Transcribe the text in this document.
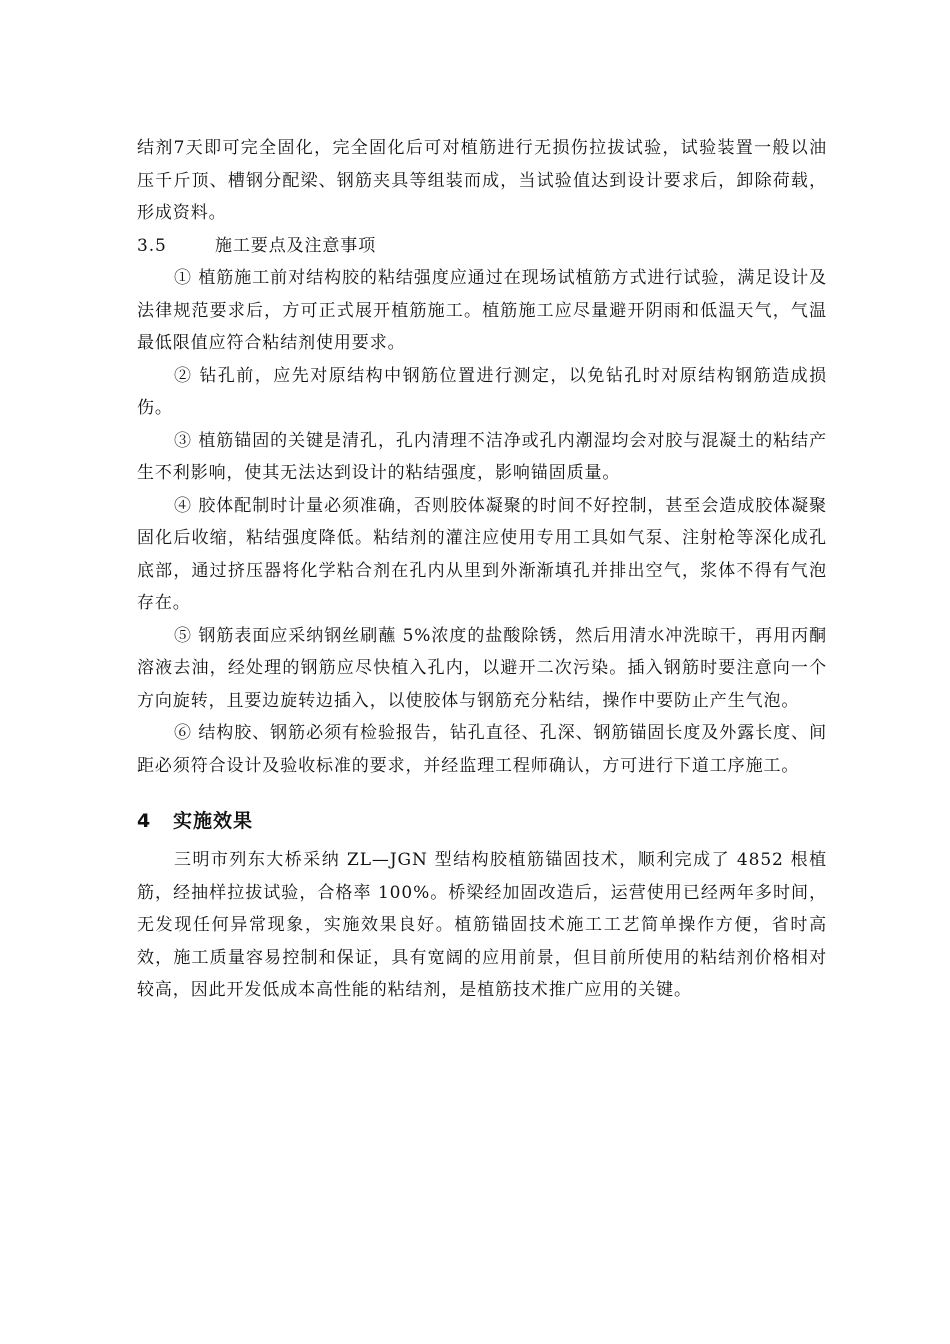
结剂7天即可完全固化，完全固化后可对植筋进行无损伤拉拔试验，试验装置一般以油压千斤顶、槽钢分配梁、钢筋夹具等组装而成，当试验值达到设计要求后，卸除荷载，形成资料。

3.5	施工要点及注意事项

① 植筋施工前对结构胶的粘结强度应通过在现场试植筋方式进行试验，满足设计及法律规范要求后，方可正式展开植筋施工。植筋施工应尽量避开阴雨和低温天气，气温最低限值应符合粘结剂使用要求。

② 钻孔前，应先对原结构中钢筋位置进行测定，以免钻孔时对原结构钢筋造成损伤。

③ 植筋锚固的关键是清孔，孔内清理不洁净或孔内潮湿均会对胶与混凝土的粘结产生不利影响，使其无法达到设计的粘结强度，影响锚固质量。

④ 胶体配制时计量必须准确，否则胶体凝聚的时间不好控制，甚至会造成胶体凝聚固化后收缩，粘结强度降低。粘结剂的灌注应使用专用工具如气泵、注射枪等深化成孔底部，通过挤压器将化学粘合剂在孔内从里到外渐渐填孔并排出空气，浆体不得有气泡存在。

⑤ 钢筋表面应采纳钢丝刷蘸 5%浓度的盐酸除锈，然后用清水冲洗晾干，再用丙酮溶液去油，经处理的钢筋应尽快植入孔内，以避开二次污染。插入钢筋时要注意向一个方向旋转，且要边旋转边插入，以使胶体与钢筋充分粘结，操作中要防止产生气泡。

⑥ 结构胶、钢筋必须有检验报告，钻孔直径、孔深、钢筋锚固长度及外露长度、间距必须符合设计及验收标准的要求，并经监理工程师确认，方可进行下道工序施工。

4 实施效果

三明市列东大桥采纳 ZL—JGN 型结构胶植筋锚固技术，顺利完成了 4852 根植筋，经抽样拉拔试验，合格率 100%。桥梁经加固改造后，运营使用已经两年多时间，无发现任何异常现象，实施效果良好。植筋锚固技术施工工艺简单操作方便，省时高效，施工质量容易控制和保证，具有宽阔的应用前景，但目前所使用的粘结剂价格相对较高，因此开发低成本高性能的粘结剂，是植筋技术推广应用的关键。
